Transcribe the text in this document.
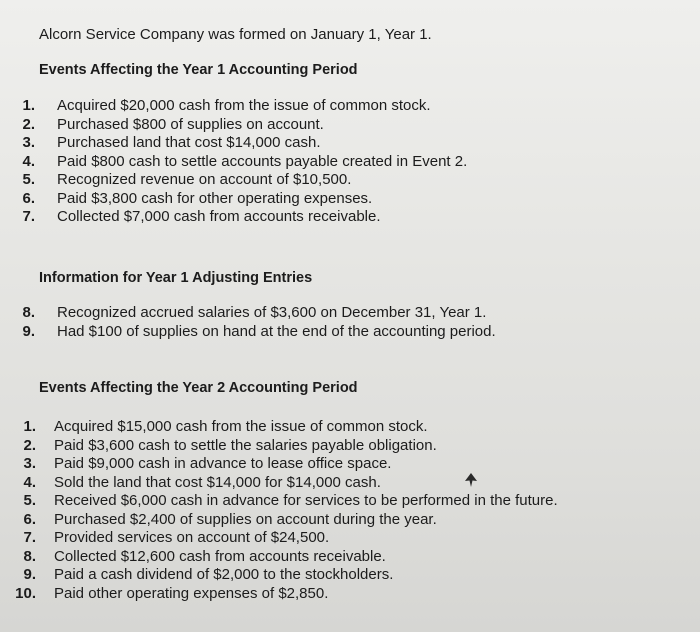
Alcorn Service Company was formed on January 1, Year 1.
Events Affecting the Year 1 Accounting Period
1. Acquired $20,000 cash from the issue of common stock.
2. Purchased $800 of supplies on account.
3. Purchased land that cost $14,000 cash.
4. Paid $800 cash to settle accounts payable created in Event 2.
5. Recognized revenue on account of $10,500.
6. Paid $3,800 cash for other operating expenses.
7. Collected $7,000 cash from accounts receivable.
Information for Year 1 Adjusting Entries
8. Recognized accrued salaries of $3,600 on December 31, Year 1.
9. Had $100 of supplies on hand at the end of the accounting period.
Events Affecting the Year 2 Accounting Period
1. Acquired $15,000 cash from the issue of common stock.
2. Paid $3,600 cash to settle the salaries payable obligation.
3. Paid $9,000 cash in advance to lease office space.
4. Sold the land that cost $14,000 for $14,000 cash.
5. Received $6,000 cash in advance for services to be performed in the future.
6. Purchased $2,400 of supplies on account during the year.
7. Provided services on account of $24,500.
8. Collected $12,600 cash from accounts receivable.
9. Paid a cash dividend of $2,000 to the stockholders.
10. Paid other operating expenses of $2,850.
